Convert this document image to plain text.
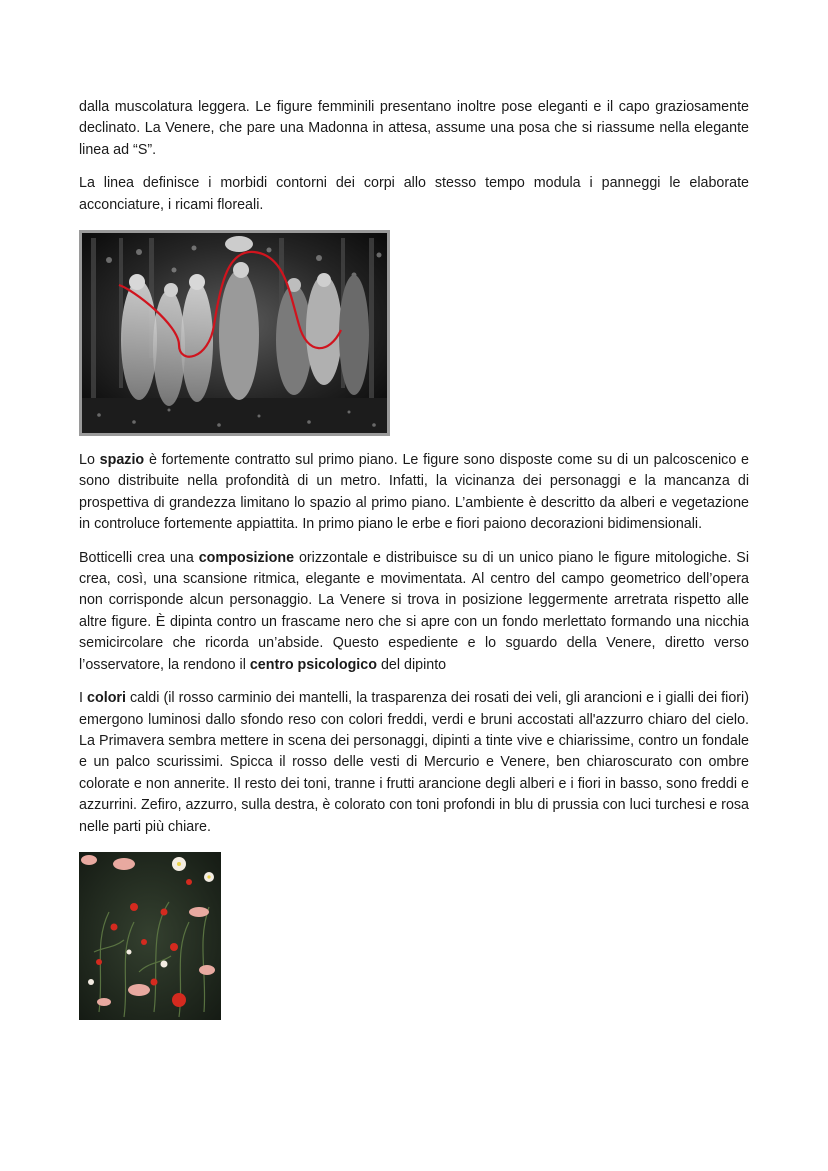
dalla muscolatura leggera. Le figure femminili presentano inoltre pose eleganti e il capo graziosamente declinato. La Venere, che pare una Madonna in attesa, assume una posa che si riassume nella elegante linea ad “S”.

La linea definisce i morbidi contorni dei corpi allo stesso tempo modula i panneggi le elaborate acconciature, i ricami floreali.

Lo spazio è fortemente contratto sul primo piano. Le figure sono disposte come su di un palcoscenico e sono distribuite nella profondità di un metro. Infatti, la vicinanza dei personaggi e la mancanza di prospettiva di grandezza limitano lo spazio al primo piano. L’ambiente è descritto da alberi e vegetazione in controluce fortemente appiattita. In primo piano le erbe e fiori paiono decorazioni bidimensionali.

Botticelli crea una composizione orizzontale e distribuisce su di un unico piano le figure mitologiche. Si crea, così, una scansione ritmica, elegante e movimentata. Al centro del campo geometrico dell’opera non corrisponde alcun personaggio. La Venere si trova in posizione leggermente arretrata rispetto alle altre figure. È dipinta contro un frascame nero che si apre con un fondo merlettato formando una nicchia semicircolare che ricorda un’abside. Questo espediente e lo sguardo della Venere, diretto verso l’osservatore, la rendono il centro psicologico del dipinto

I colori caldi (il rosso carminio dei mantelli, la trasparenza dei rosati dei veli, gli arancioni e i gialli dei fiori) emergono luminosi dallo sfondo reso con colori freddi, verdi e bruni accostati all'azzurro chiaro del cielo. La Primavera sembra mettere in scena dei personaggi, dipinti a tinte vive e chiarissime, contro un fondale e un palco scurissimi. Spicca il rosso delle vesti di Mercurio e Venere, ben chiaroscurato con ombre colorate e non annerite. Il resto dei toni, tranne i frutti arancione degli alberi e i fiori in basso, sono freddi e azzurrini. Zefiro, azzurro, sulla destra, è colorato con toni profondi in blu di prussia con luci turchesi e rosa nelle parti più chiare.
